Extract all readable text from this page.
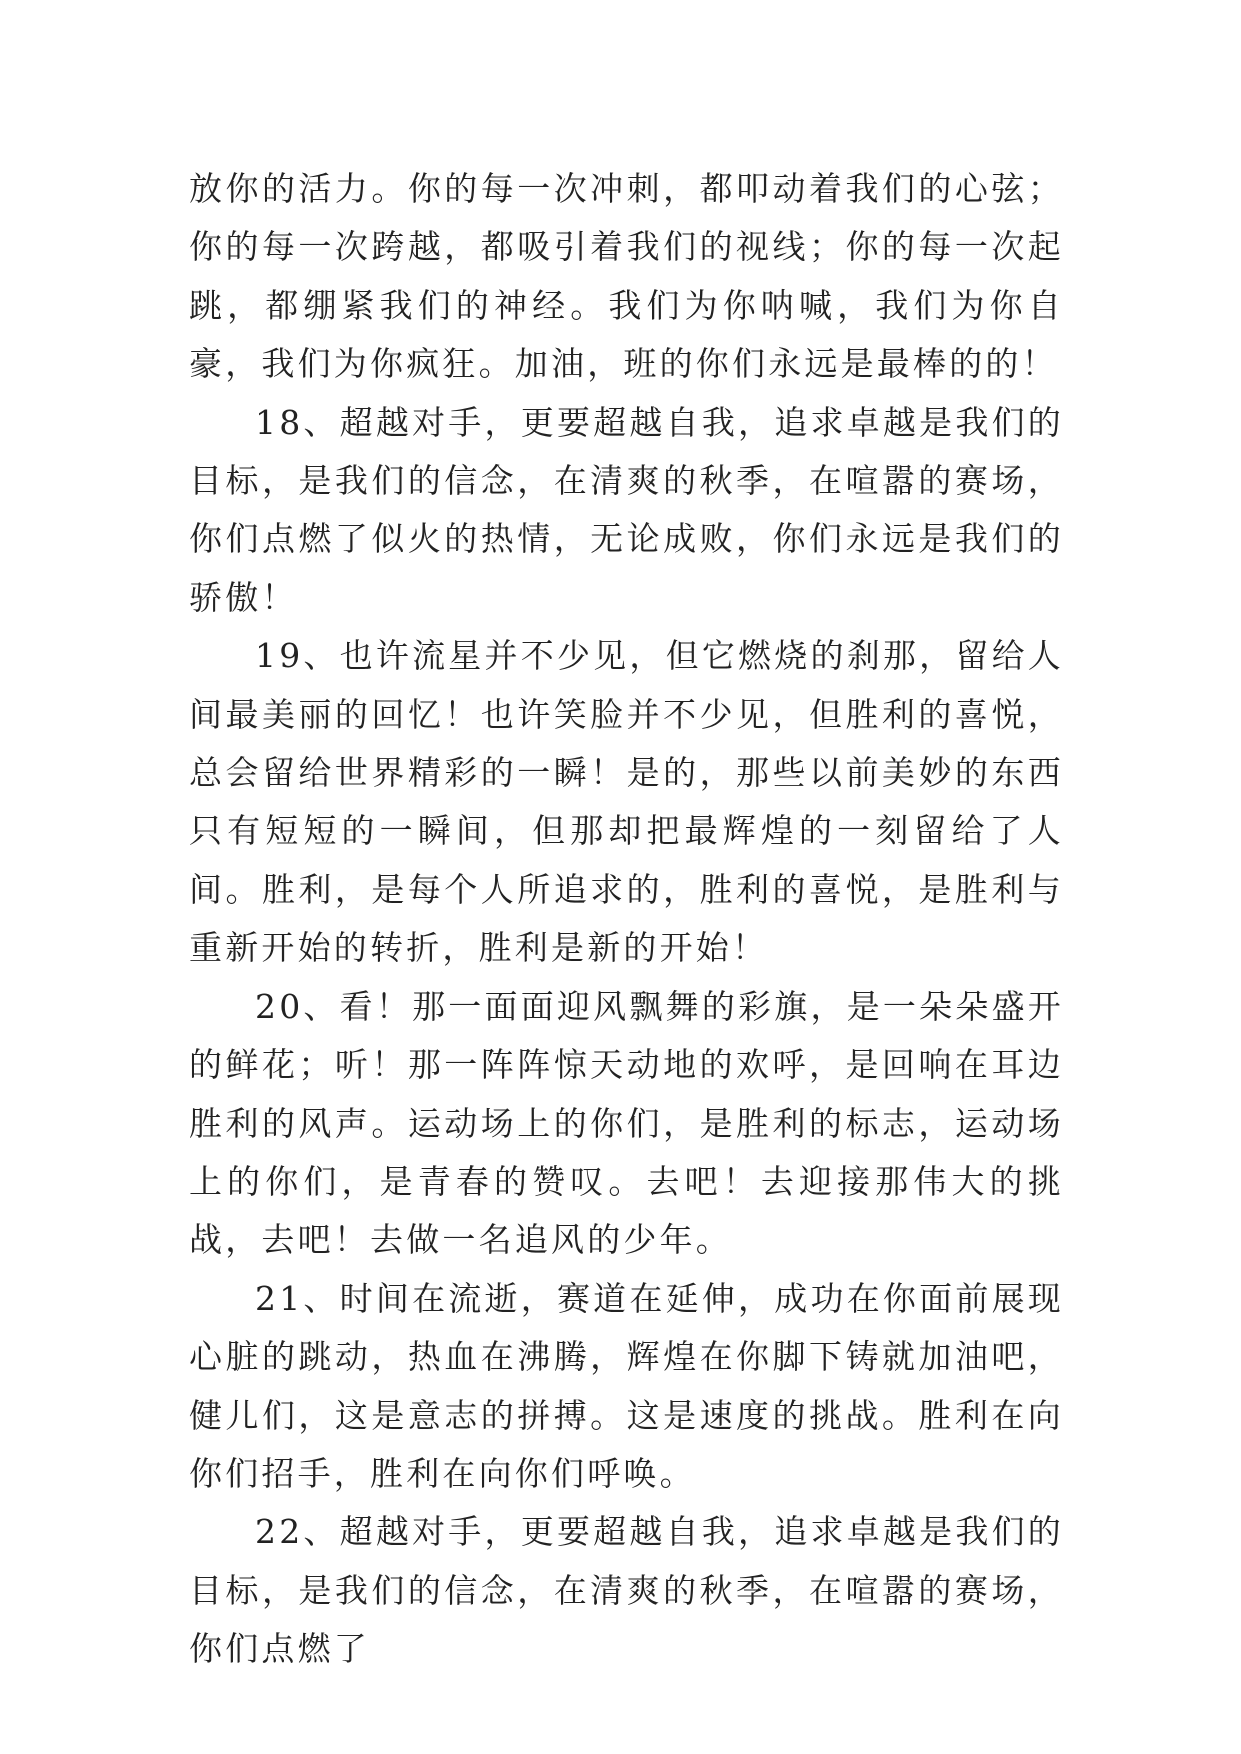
放你的活力。你的每一次冲刺，都叩动着我们的心弦；你的每一次跨越，都吸引着我们的视线；你的每一次起跳，都绷紧我们的神经。我们为你呐喊，我们为你自豪，我们为你疯狂。加油，班的你们永远是最棒的的！

18、超越对手，更要超越自我，追求卓越是我们的目标，是我们的信念，在清爽的秋季，在喧嚣的赛场，你们点燃了似火的热情，无论成败，你们永远是我们的骄傲！

19、也许流星并不少见，但它燃烧的刹那，留给人间最美丽的回忆！也许笑脸并不少见，但胜利的喜悦，总会留给世界精彩的一瞬！是的，那些以前美妙的东西只有短短的一瞬间，但那却把最辉煌的一刻留给了人间。胜利，是每个人所追求的，胜利的喜悦，是胜利与重新开始的转折，胜利是新的开始！

20、看！那一面面迎风飘舞的彩旗，是一朵朵盛开的鲜花；听！那一阵阵惊天动地的欢呼，是回响在耳边胜利的风声。运动场上的你们，是胜利的标志，运动场上的你们，是青春的赞叹。去吧！去迎接那伟大的挑战，去吧！去做一名追风的少年。

21、时间在流逝，赛道在延伸，成功在你面前展现心脏的跳动，热血在沸腾，辉煌在你脚下铸就加油吧，健儿们，这是意志的拼搏。这是速度的挑战。胜利在向你们招手，胜利在向你们呼唤。

22、超越对手，更要超越自我，追求卓越是我们的目标，是我们的信念，在清爽的秋季，在喧嚣的赛场，你们点燃了
